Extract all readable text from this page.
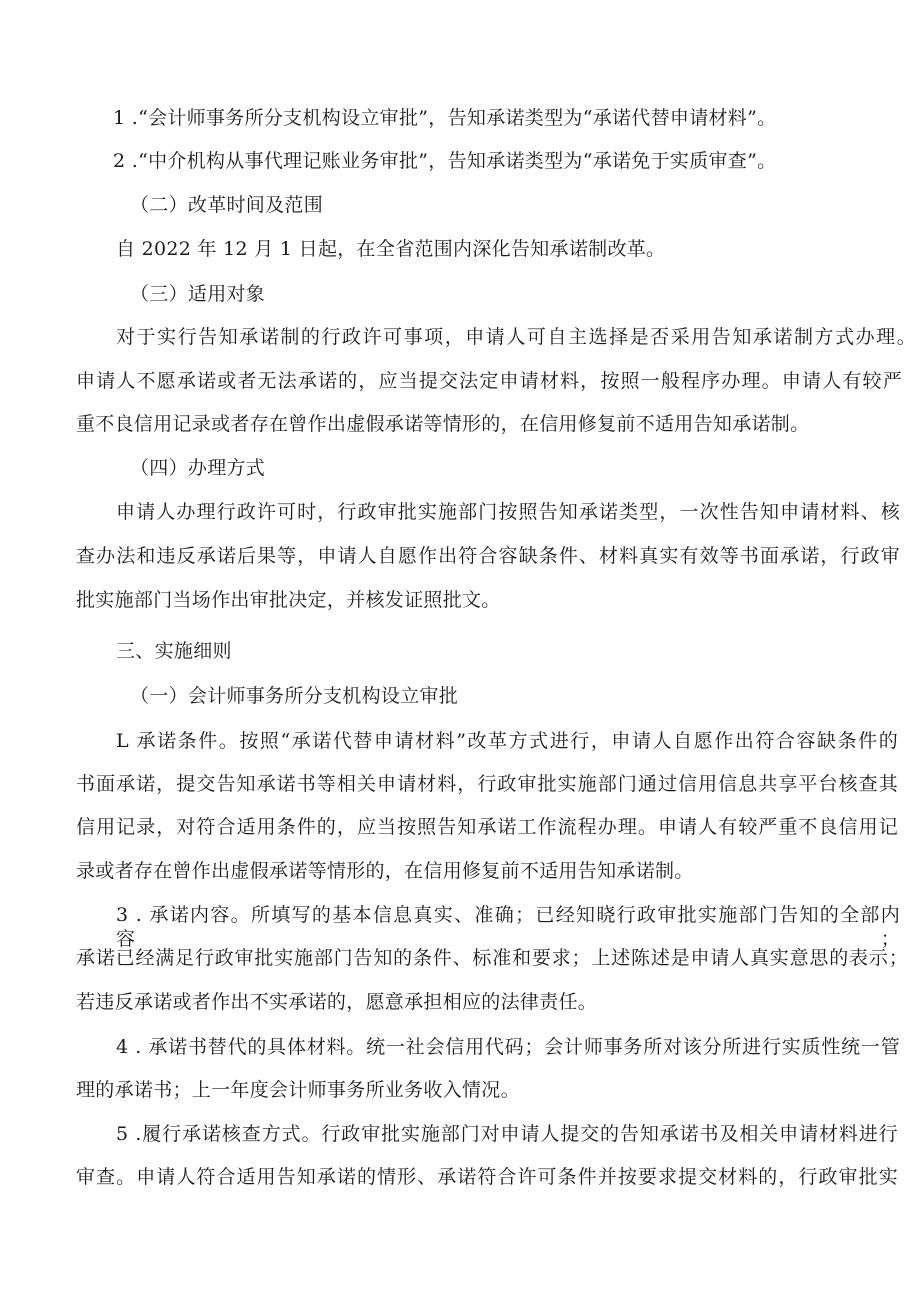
1 .“会计师事务所分支机构设立审批”，告知承诺类型为“承诺代替申请材料”。
2 .“中介机构从事代理记账业务审批”，告知承诺类型为“承诺免于实质审查”。
（二）改革时间及范围
自 2022 年 12 月 1 日起，在全省范围内深化告知承诺制改革。
（三）适用对象
对于实行告知承诺制的行政许可事项，申请人可自主选择是否采用告知承诺制方式办理。
申请人不愿承诺或者无法承诺的，应当提交法定申请材料，按照一般程序办理。申请人有较严
重不良信用记录或者存在曾作出虚假承诺等情形的，在信用修复前不适用告知承诺制。
（四）办理方式
申请人办理行政许可时，行政审批实施部门按照告知承诺类型，一次性告知申请材料、核
查办法和违反承诺后果等，申请人自愿作出符合容缺条件、材料真实有效等书面承诺，行政审
批实施部门当场作出审批决定，并核发证照批文。
三、实施细则
（一）会计师事务所分支机构设立审批
L 承诺条件。按照“承诺代替申请材料”改革方式进行，申请人自愿作出符合容缺条件的
书面承诺，提交告知承诺书等相关申请材料，行政审批实施部门通过信用信息共享平台核查其
信用记录，对符合适用条件的，应当按照告知承诺工作流程办理。申请人有较严重不良信用记
录或者存在曾作出虚假承诺等情形的，在信用修复前不适用告知承诺制。
3 . 承诺内容。所填写的基本信息真实、准确；已经知晓行政审批实施部门告知的全部内容；
承诺已经满足行政审批实施部门告知的条件、标准和要求；上述陈述是申请人真实意思的表示；
若违反承诺或者作出不实承诺的，愿意承担相应的法律责任。
4 . 承诺书替代的具体材料。统一社会信用代码；会计师事务所对该分所进行实质性统一管
理的承诺书；上一年度会计师事务所业务收入情况。
5 .履行承诺核查方式。行政审批实施部门对申请人提交的告知承诺书及相关申请材料进行
审查。申请人符合适用告知承诺的情形、承诺符合许可条件并按要求提交材料的，行政审批实
